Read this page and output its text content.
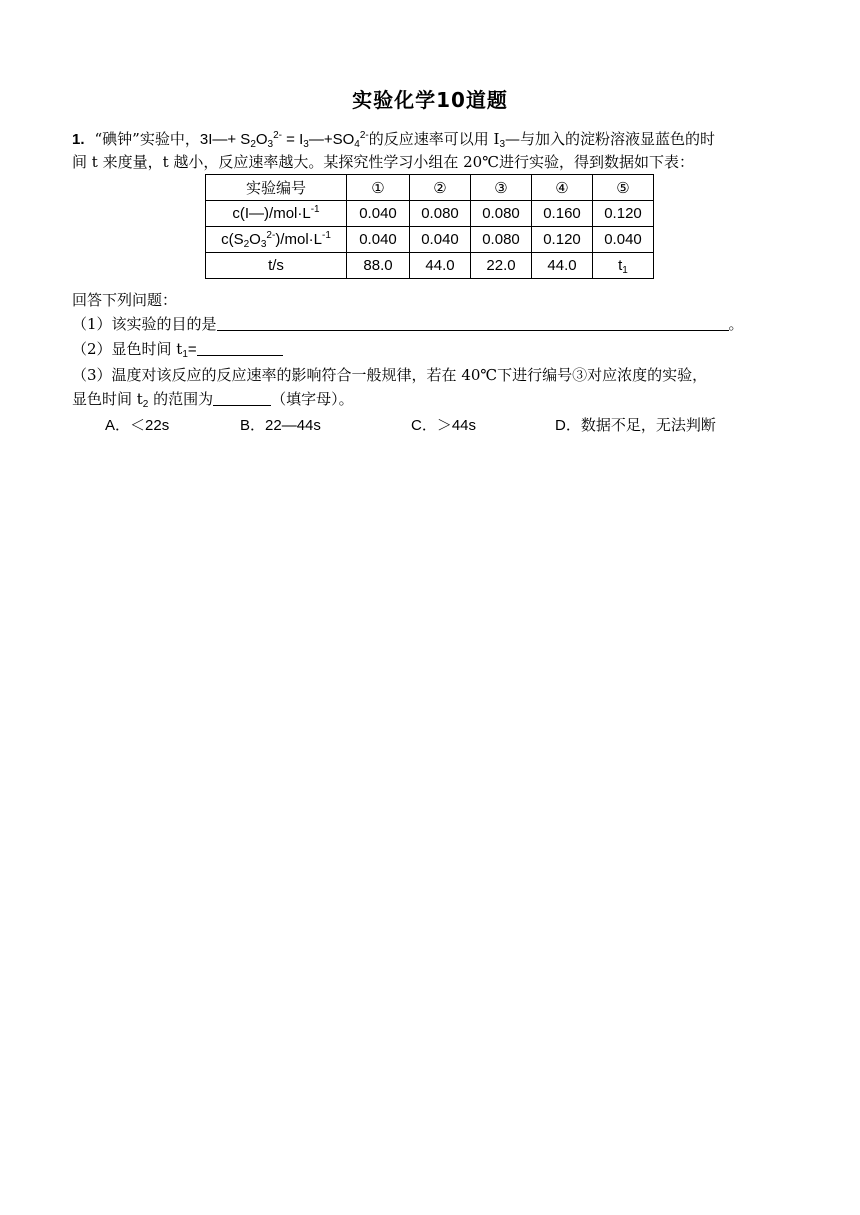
实验化学10道题
1. “碘钟”实验中，3I—+ $S_2O_3^{2-}$ = $I_3—+SO_4^{2-}$的反应速率可以用 $I_3—$与加入的淀粉溶液显蓝色的时
间 t 来度量，t 越小，反应速率越大。某探究性学习小组在 20℃进行实验，得到数据如下表：
实验编号	①	②	③	④	⑤
$c(I—)/mol\cdot L^{-1}$	0.040	0.080	0.080	0.160	0.120
$c(S_2O_3^{2-})/mol\cdot L^{-1}$	0.040	0.040	0.080	0.120	0.040
t/s	88.0	44.0	22.0	44.0	$t_1$
回答下列问题：
（1）该实验的目的是	。
（2）显色时间 $t_1=$
（3）温度对该反应的反应速率的影响符合一般规律，若在 40℃下进行编号③对应浓度的实验，
显色时间 $t_2$ 的范围为	（填字母）。
A．＜22s	B．22—44s	C．＞44s	D．数据不足，无法判断
